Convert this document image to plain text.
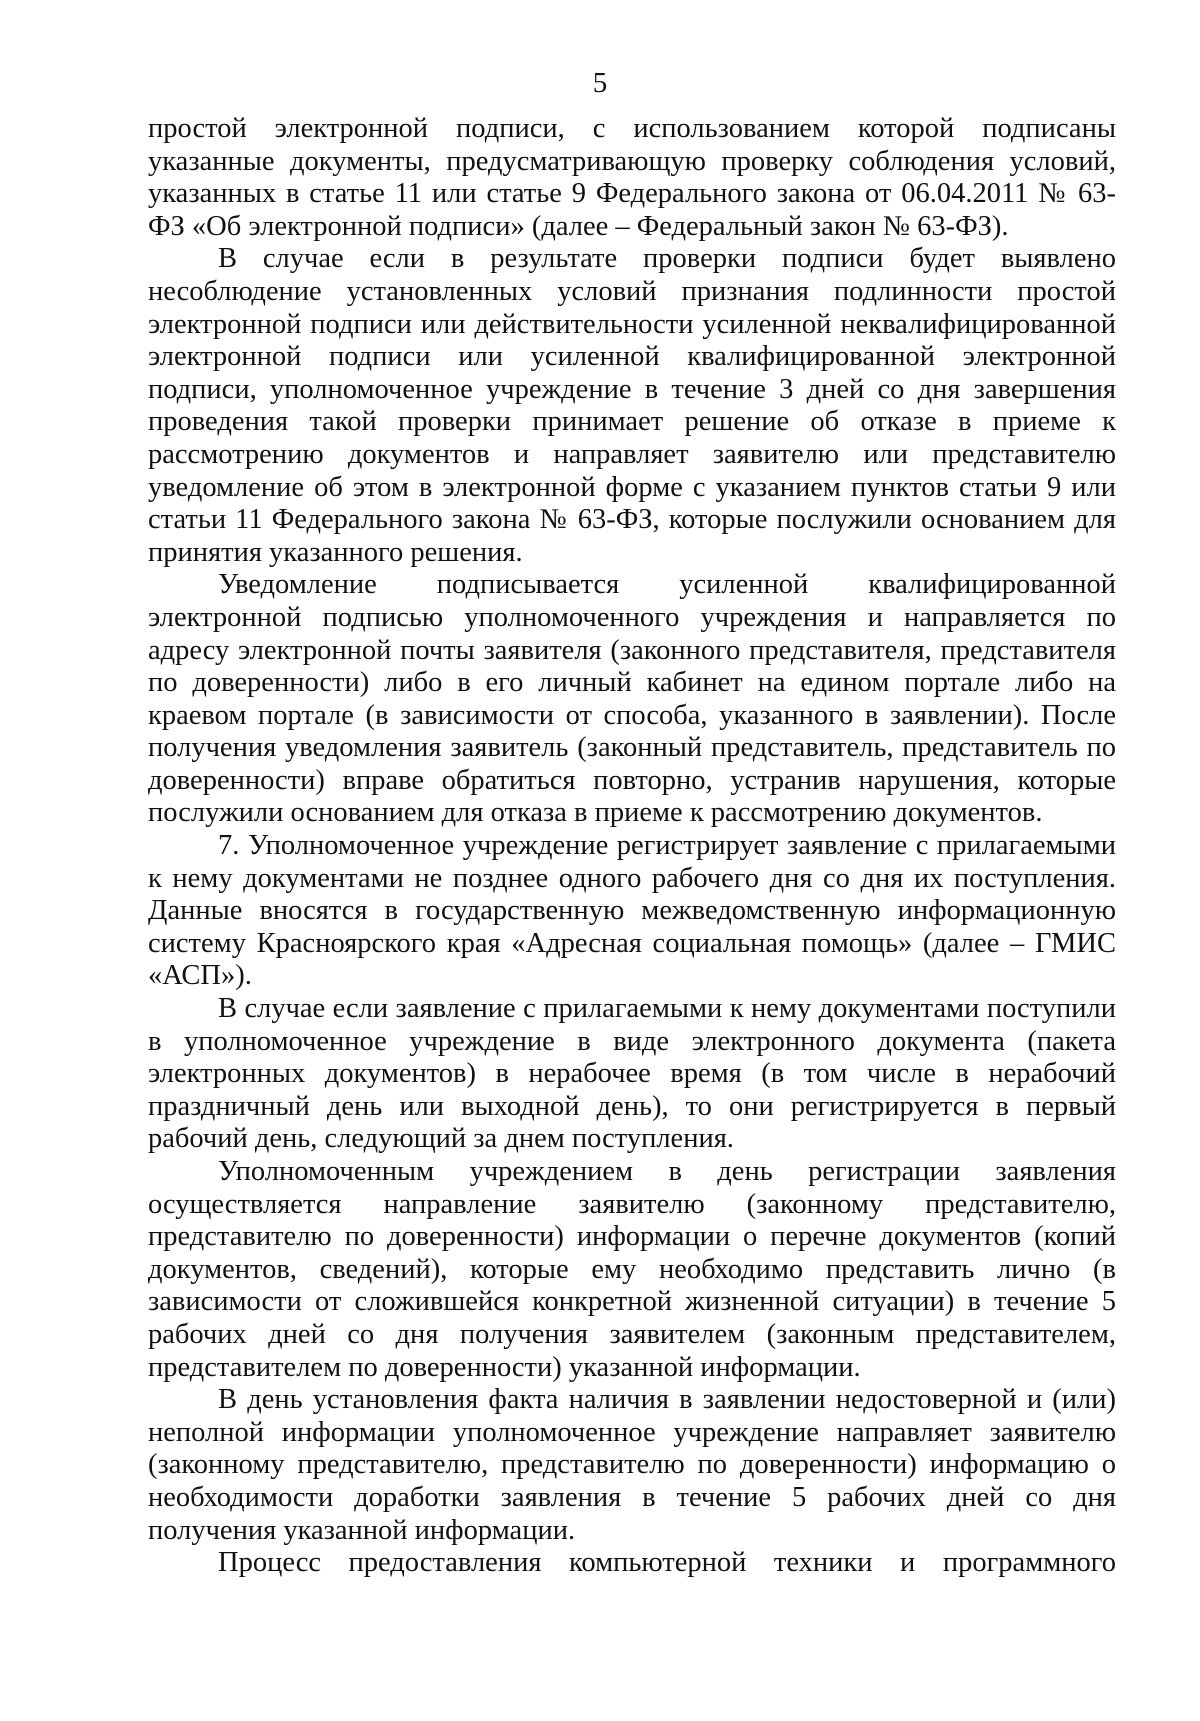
5

простой электронной подписи, с использованием которой подписаны указанные документы, предусматривающую проверку соблюдения условий, указанных в статье 11 или статье 9 Федерального закона от 06.04.2011 № 63-ФЗ «Об электронной подписи» (далее – Федеральный закон № 63-ФЗ).

В случае если в результате проверки подписи будет выявлено несоблюдение установленных условий признания подлинности простой электронной подписи или действительности усиленной неквалифицированной электронной подписи или усиленной квалифицированной электронной подписи, уполномоченное учреждение в течение 3 дней со дня завершения проведения такой проверки принимает решение об отказе в приеме к рассмотрению документов и направляет заявителю или представителю уведомление об этом в электронной форме с указанием пунктов статьи 9 или статьи 11 Федерального закона № 63-ФЗ, которые послужили основанием для принятия указанного решения.

Уведомление подписывается усиленной квалифицированной электронной подписью уполномоченного учреждения и направляется по адресу электронной почты заявителя (законного представителя, представителя по доверенности) либо в его личный кабинет на едином портале либо на краевом портале (в зависимости от способа, указанного в заявлении). После получения уведомления заявитель (законный представитель, представитель по доверенности) вправе обратиться повторно, устранив нарушения, которые послужили основанием для отказа в приеме к рассмотрению документов.

7. Уполномоченное учреждение регистрирует заявление с прилагаемыми к нему документами не позднее одного рабочего дня со дня их поступления. Данные вносятся в государственную межведомственную информационную систему Красноярского края «Адресная социальная помощь» (далее – ГМИС «АСП»).

В случае если заявление с прилагаемыми к нему документами поступили в уполномоченное учреждение в виде электронного документа (пакета электронных документов) в нерабочее время (в том числе в нерабочий праздничный день или выходной день), то они регистрируется в первый рабочий день, следующий за днем поступления.

Уполномоченным учреждением в день регистрации заявления осуществляется направление заявителю (законному представителю, представителю по доверенности) информации о перечне документов (копий документов, сведений), которые ему необходимо представить лично (в зависимости от сложившейся конкретной жизненной ситуации) в течение 5 рабочих дней со дня получения заявителем (законным представителем, представителем по доверенности) указанной информации.

В день установления факта наличия в заявлении недостоверной и (или) неполной информации уполномоченное учреждение направляет заявителю (законному представителю, представителю по доверенности) информацию о необходимости доработки заявления в течение 5 рабочих дней со дня получения указанной информации.

Процесс предоставления компьютерной техники и программного
